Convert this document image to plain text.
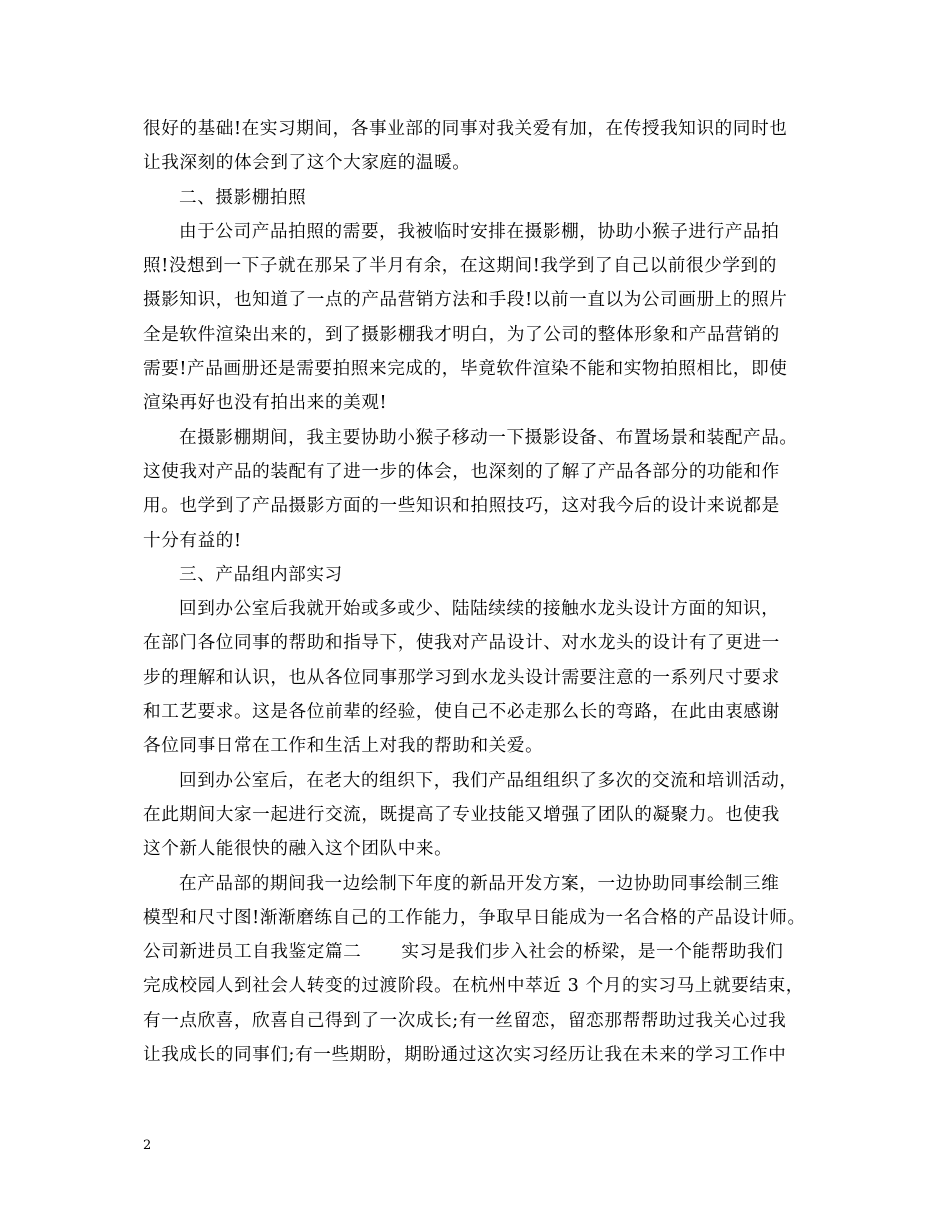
很好的基础!在实习期间，各事业部的同事对我关爱有加，在传授我知识的同时也
让我深刻的体会到了这个大家庭的温暖。
二、摄影棚拍照
由于公司产品拍照的需要，我被临时安排在摄影棚，协助小猴子进行产品拍
照!没想到一下子就在那呆了半月有余，在这期间!我学到了自己以前很少学到的
摄影知识，也知道了一点的产品营销方法和手段!以前一直以为公司画册上的照片
全是软件渲染出来的，到了摄影棚我才明白，为了公司的整体形象和产品营销的
需要!产品画册还是需要拍照来完成的，毕竟软件渲染不能和实物拍照相比，即使
渲染再好也没有拍出来的美观!
在摄影棚期间，我主要协助小猴子移动一下摄影设备、布置场景和装配产品。
这使我对产品的装配有了进一步的体会，也深刻的了解了产品各部分的功能和作
用。也学到了产品摄影方面的一些知识和拍照技巧，这对我今后的设计来说都是
十分有益的!
三、产品组内部实习
回到办公室后我就开始或多或少、陆陆续续的接触水龙头设计方面的知识，
在部门各位同事的帮助和指导下，使我对产品设计、对水龙头的设计有了更进一
步的理解和认识，也从各位同事那学习到水龙头设计需要注意的一系列尺寸要求
和工艺要求。这是各位前辈的经验，使自己不必走那么长的弯路，在此由衷感谢
各位同事日常在工作和生活上对我的帮助和关爱。
回到办公室后，在老大的组织下，我们产品组组织了多次的交流和培训活动，
在此期间大家一起进行交流，既提高了专业技能又增强了团队的凝聚力。也使我
这个新人能很快的融入这个团队中来。
在产品部的期间我一边绘制下年度的新品开发方案，一边协助同事绘制三维
模型和尺寸图!渐渐磨练自己的工作能力，争取早日能成为一名合格的产品设计师。
公司新进员工自我鉴定篇二 实习是我们步入社会的桥梁，是一个能帮助我们
完成校园人到社会人转变的过渡阶段。在杭州中萃近 3 个月的实习马上就要结束，
有一点欣喜，欣喜自己得到了一次成长;有一丝留恋，留恋那帮帮助过我关心过我
让我成长的同事们;有一些期盼，期盼通过这次实习经历让我在未来的学习工作中
2
